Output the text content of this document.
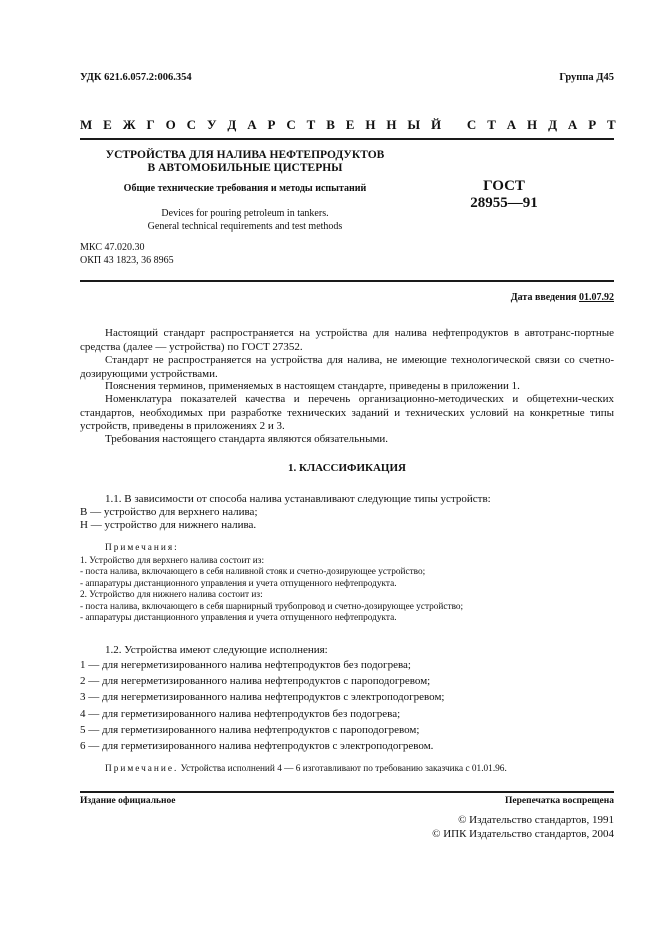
УДК 621.6.057.2:006.354	Группа Д45
М Е Ж Г О С У Д А Р С Т В Е Н Н Ы Й С Т А Н Д А Р Т
УСТРОЙСТВА ДЛЯ НАЛИВА НЕФТЕПРОДУКТОВ
В АВТОМОБИЛЬНЫЕ ЦИСТЕРНЫ
Общие технические требования и методы испытаний
Devices for pouring petroleum in tankers.
General technical requirements and test methods
ГОСТ
28955—91
МКС 47.020.30
ОКП 43 1823, 36 8965
Дата введения 01.07.92
Настоящий стандарт распространяется на устройства для налива нефтепродуктов в автотранс-портные средства (далее — устройства) по ГОСТ 27352.
Стандарт не распространяется на устройства для налива, не имеющие технологической связи со счетно-дозирующими устройствами.
Пояснения терминов, применяемых в настоящем стандарте, приведены в приложении 1.
Номенклатура показателей качества и перечень организационно-методических и общетехни-ческих стандартов, необходимых при разработке технических заданий и технических условий на конкретные типы устройств, приведены в приложениях 2 и 3.
Требования настоящего стандарта являются обязательными.
1. КЛАССИФИКАЦИЯ
1.1. В зависимости от способа налива устанавливают следующие типы устройств:
В — устройство для верхнего налива;
Н — устройство для нижнего налива.
Примечания:
1. Устройство для верхнего налива состоит из:
- поста налива, включающего в себя наливной стояк и счетно-дозирующее устройство;
- аппаратуры дистанционного управления и учета отпущенного нефтепродукта.
2. Устройство для нижнего налива состоит из:
- поста налива, включающего в себя шарнирный трубопровод и счетно-дозирующее устройство;
- аппаратуры дистанционного управления и учета отпущенного нефтепродукта.
1.2. Устройства имеют следующие исполнения:
1 — для негерметизированного налива нефтепродуктов без подогрева;
2 — для негерметизированного налива нефтепродуктов с пароподогревом;
3 — для негерметизированного налива нефтепродуктов с электроподогревом;
4 — для герметизированного налива нефтепродуктов без подогрева;
5 — для герметизированного налива нефтепродуктов с пароподогревом;
6 — для герметизированного налива нефтепродуктов с электроподогревом.
Примечание. Устройства исполнений 4 — 6 изготавливают по требованию заказчика с 01.01.96.
Издание официальное	Перепечатка воспрещена
© Издательство стандартов, 1991
© ИПК Издательство стандартов, 2004
